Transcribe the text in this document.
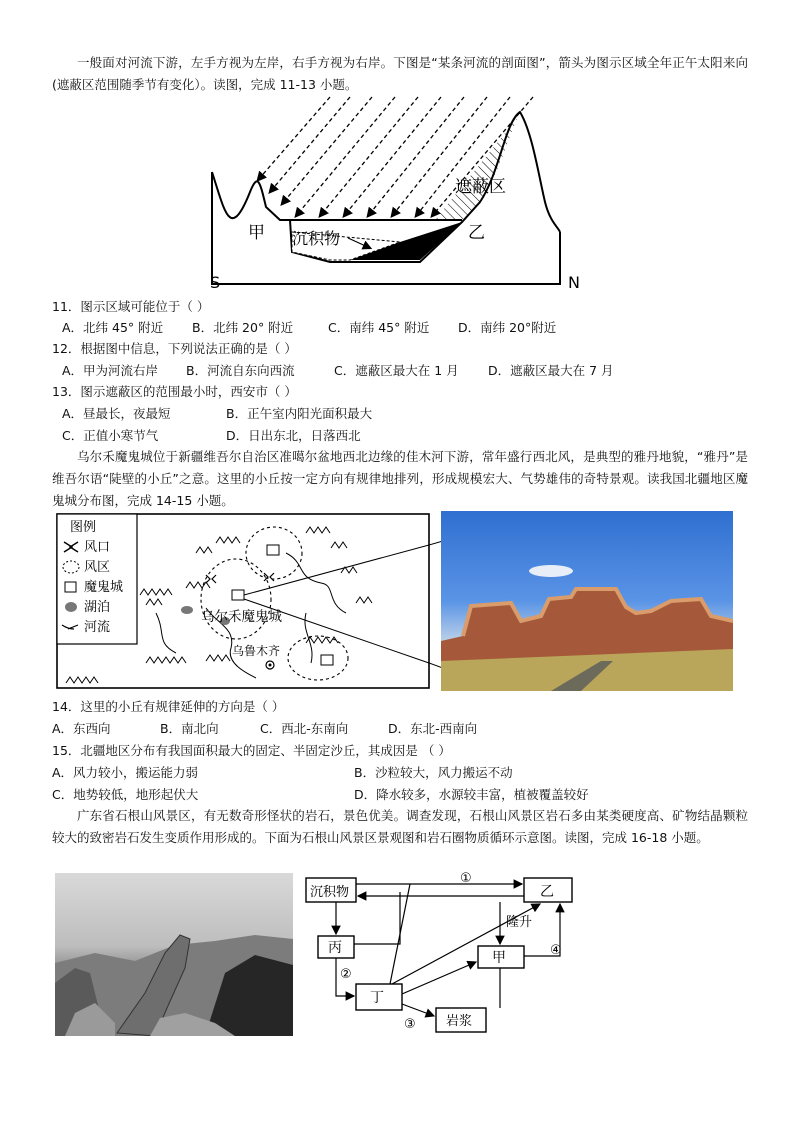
一般面对河流下游，左手方视为左岸，右手方视为右岸。下图是“某条河流的剖面图”，箭头为图示区域全年正午太阳来向(遮蔽区范围随季节有变化）。读图，完成 11-13 小题。

遮蔽区
甲	乙
沉积物
S	N
11．图示区域可能位于（ ）
A．北纬 45° 附近 B．北纬 20° 附近	C．南纬 45° 附近 D．南纬 20°附近
12．根据图中信息，下列说法正确的是（ ）
A．甲为河流右岸 B．河流自东向西流	C．遮蔽区最大在 1 月 D．遮蔽区最大在 7 月
13．图示遮蔽区的范围最小时，西安市（ ）
A．昼最长，夜最短	B．正午室内阳光面积最大
C．正值小寒节气	D．日出东北，日落西北

乌尔禾魔鬼城位于新疆维吾尔自治区准噶尔盆地西北边缘的佳木河下游，常年盛行西北风，是典型的雅丹地貌，“雅丹”是维吾尔语“陡壁的小丘”之意。这里的小丘按一定方向有规律地排列，形成规模宏大、气势雄伟的奇特景观。读我国北疆地区魔鬼城分布图，完成 14-15 小题。

图例
风口
风区
魔鬼城
湖泊
河流
乌尔禾魔鬼城
乌鲁木齐
14．这里的小丘有规律延伸的方向是（ ）
A．东西向	B．南北向	C．西北-东南向	D．东北-西南向
15．北疆地区分布有我国面积最大的固定、半固定沙丘，其成因是 （ ）
A．风力较小，搬运能力弱	B．沙粒较大，风力搬运不动
C．地势较低，地形起伏大	D．降水较多，水源较丰富，植被覆盖较好

广东省石根山风景区，有无数奇形怪状的岩石，景色优美。调查发现，石根山风景区岩石多由某类硬度高、矿物结晶颗粒较大的致密岩石发生变质作用形成的。下面为石根山风景区景观图和岩石圈物质循环示意图。读图，完成 16-18 小题。

沉积物	乙
丙
甲
丁
岩浆
①
②
③
④
隆升
